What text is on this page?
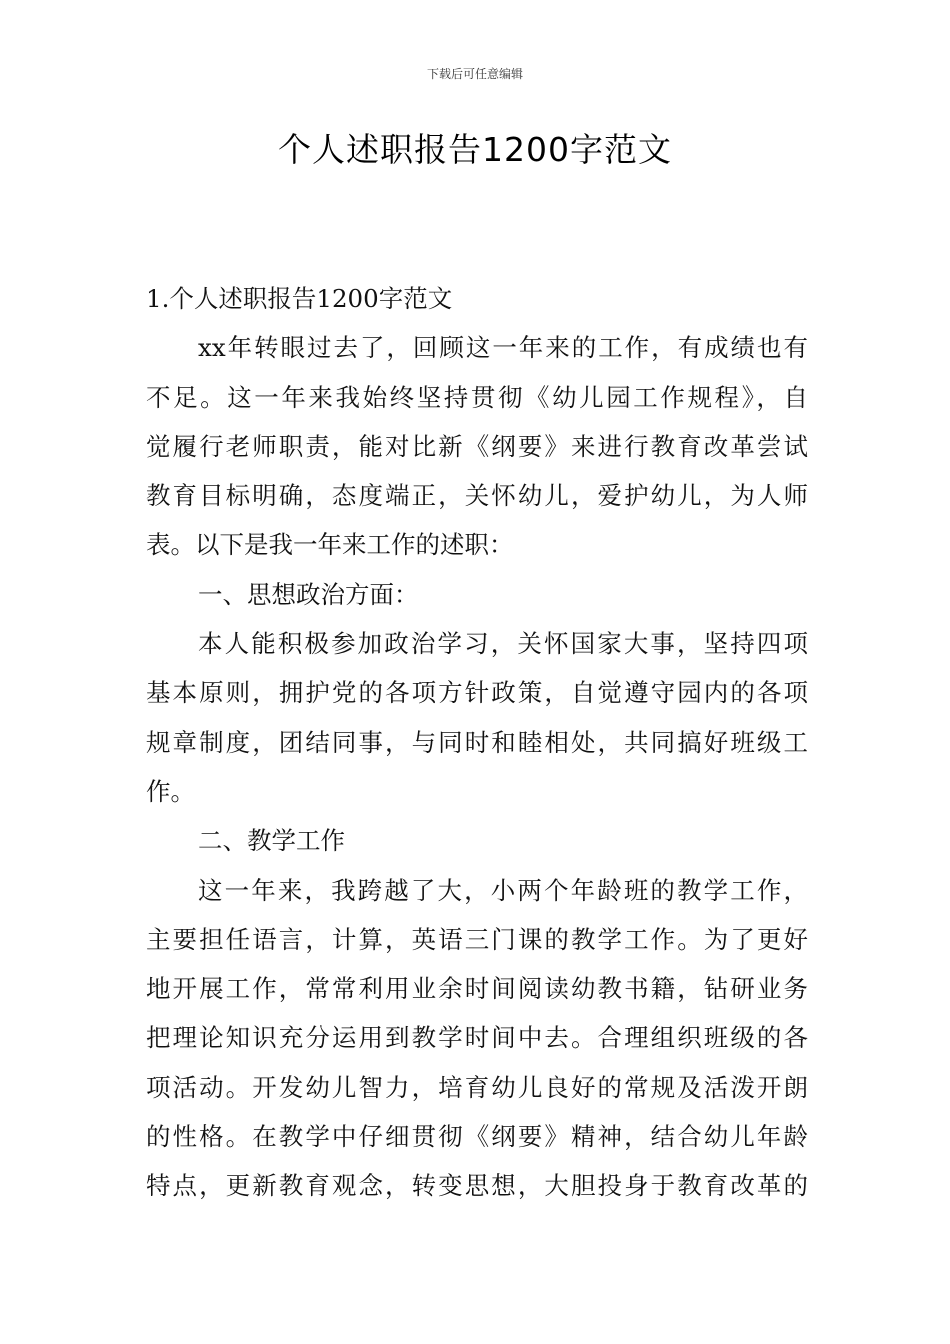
下载后可任意编辑
个人述职报告1200字范文
1.个人述职报告1200字范文
xx年转眼过去了，回顾这一年来的工作，有成绩也有
不足。这一年来我始终坚持贯彻《幼儿园工作规程》，自
觉履行老师职责，能对比新《纲要》来进行教育改革尝试
教育目标明确，态度端正，关怀幼儿，爱护幼儿，为人师
表。以下是我一年来工作的述职：
一、思想政治方面：
本人能积极参加政治学习，关怀国家大事，坚持四项
基本原则，拥护党的各项方针政策，自觉遵守园内的各项
规章制度，团结同事，与同时和睦相处，共同搞好班级工
作。
二、教学工作
这一年来，我跨越了大，小两个年龄班的教学工作，
主要担任语言，计算，英语三门课的教学工作。为了更好
地开展工作，常常利用业余时间阅读幼教书籍，钻研业务
把理论知识充分运用到教学时间中去。合理组织班级的各
项活动。开发幼儿智力，培育幼儿良好的常规及活泼开朗
的性格。在教学中仔细贯彻《纲要》精神，结合幼儿年龄
特点，更新教育观念，转变思想，大胆投身于教育改革的
